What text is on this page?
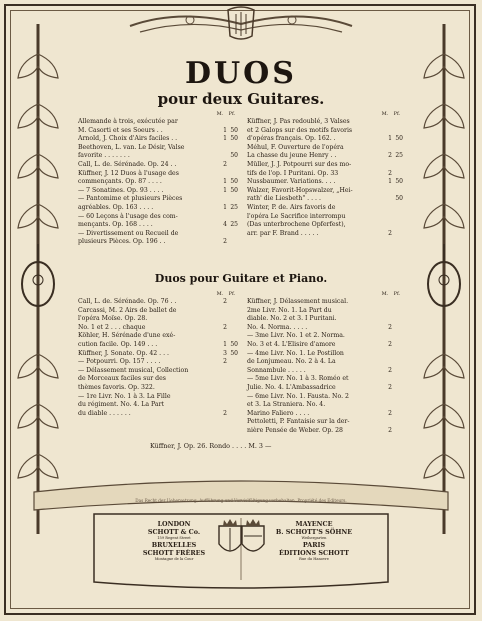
DUOS
pour deux Guitares.
M.	Pf.
Allemande à trois, exécutée par
M. Casorti et ses Soeurs . .	1 50
Arnold, J. Choix d'Airs faciles . .	1 50
Beethoven, L. van. Le Désir, Valse
favorite . . . . . . .	50
Call, L. de. Sérénade. Op. 24 . .	2
Küffner, J. 12 Duos à l'usage des
commençants. Op. 87 . . . .	1 50
— 7 Sonatines. Op. 93 . . . .	1 50
— Pantomime et plusieurs Pièces
agréables. Op. 163 . . . .	1 25
— 60 Leçons à l'usage des com-
mençants. Op. 168 . . . .	4 25
— Divertissement ou Recueil de
plusieurs Pièces. Op. 196 . .	2
M.	Pf.
Küffner, J. Pas redoublé, 3 Valses
et 2 Galops sur des motifs favoris
d'opéras français. Op. 162. .	1 50
Méhul, F. Ouverture de l'opéra
La chasse du jeune Henry . .	2 25
Müller, J. J. Potpourri sur des mo-
tifs de l'op. I Puritani. Op. 33	2
Nussbaumer. Variations. . . .	1 50
Walzer, Favorit-Hopswalzer, „Hei-
rath' die Liesbeth" . . . .	50
Winter, P. de. Airs favoris de
l'opéra Le Sacrifice interrompu
(Das unterbrochene Opferfest),
arr. par F. Brand . . . . .	2
Duos pour Guitare et Piano.
M.	Pf.
Call, L. de. Sérénade. Op. 76 . .	2
Carcassi, M. 2 Airs de ballet de
l'opéra Moïse. Op. 28.
No. 1 et 2 . . . chaque	2
Köhler, H. Sérénade d'une exé-
cution facile. Op. 149 . . .	1 50
Küffner, J. Sonate. Op. 42 . . .	3 50
— Potpourri. Op. 157 . . . .	2
— Délassement musical, Collection
de Morceaux faciles sur des
thèmes favoris. Op. 322.
— 1re Livr. No. 1 à 3. La Fille
du régiment. No. 4. La Part
du diable . . . . . .	2
M.	Pf.
Küffner, J. Délassement musical.
2me Livr. No. 1. La Part du
diable. No. 2 et 3. I Puritani.
No. 4. Norma. . . . .	2
— 3me Livr. No. 1 et 2. Norma.
No. 3 et 4. L'Elisire d'amore	2
— 4me Livr. No. 1. Le Postillon
de Lonjumeau. No. 2 à 4. La
Sonnambule . . . . .	2
— 5me Livr. No. 1 à 3. Roméo et
Julie. No. 4. L'Ambassadrice	2
— 6me Livr. No. 1. Fausta. No. 2
et 3. La Straniera. No. 4.
Marino Faliero . . . .	2
Pettoletti, P. Fantaisie sur la der-
nière Pensée de Weber. Op. 28	2
Küffner, J. Op. 26. Rondo . . . . M. 3 —
Das Recht der Uebersetzung, Aufführung und Vervielfältigung vorbehalten. Propriété des Editeurs.
LONDON
SCHOTT & Co.
159 Regent Street
BRUXELLES
SCHOTT FRÈRES
Montagne de la Cour
MAYENCE
B. SCHOTT'S SÖHNE
Weihergarten
PARIS
ÉDITIONS SCHOTT
Rue du Hanovre
